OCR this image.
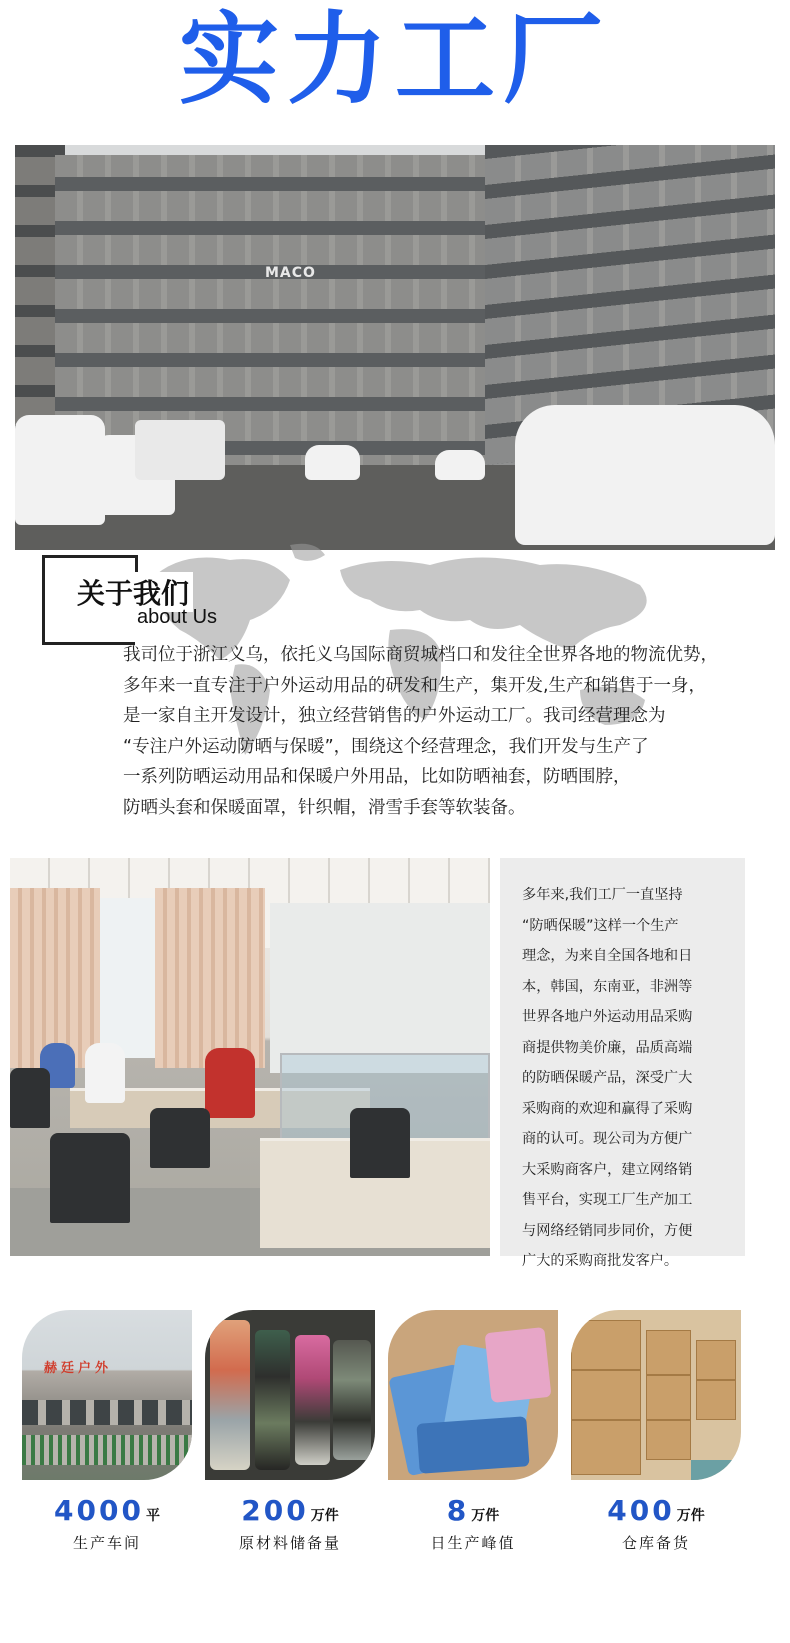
实力工厂
MACO
关于我们
about Us

我司位于浙江义乌，依托义乌国际商贸城档口和发往全世界各地的物流优势，

多年来一直专注于户外运动用品的研发和生产，集开发,生产和销售于一身，

是一家自主开发设计，独立经营销售的户外运动工厂。我司经营理念为

“专注户外运动防晒与保暖”，围绕这个经营理念，我们开发与生产了

一系列防晒运动用品和保暖户外用品，比如防晒袖套，防晒围脖，

防晒头套和保暖面罩，针织帽，滑雪手套等软装备。

多年来,我们工厂一直坚持

“防晒保暖”这样一个生产

理念，为来自全国各地和日

本，韩国，东南亚，非洲等

世界各地户外运动用品采购

商提供物美价廉，品质高端

的防晒保暖产品，深受广大

采购商的欢迎和赢得了采购

商的认可。现公司为方便广

大采购商客户，建立网络销

售平台，实现工厂生产加工

与网络经销同步同价，方便

广大的采购商批发客户。

赫廷户外
4000 平
生产车间
200 万件
原材料储备量
8 万件
日生产峰值
400 万件
仓库备货
